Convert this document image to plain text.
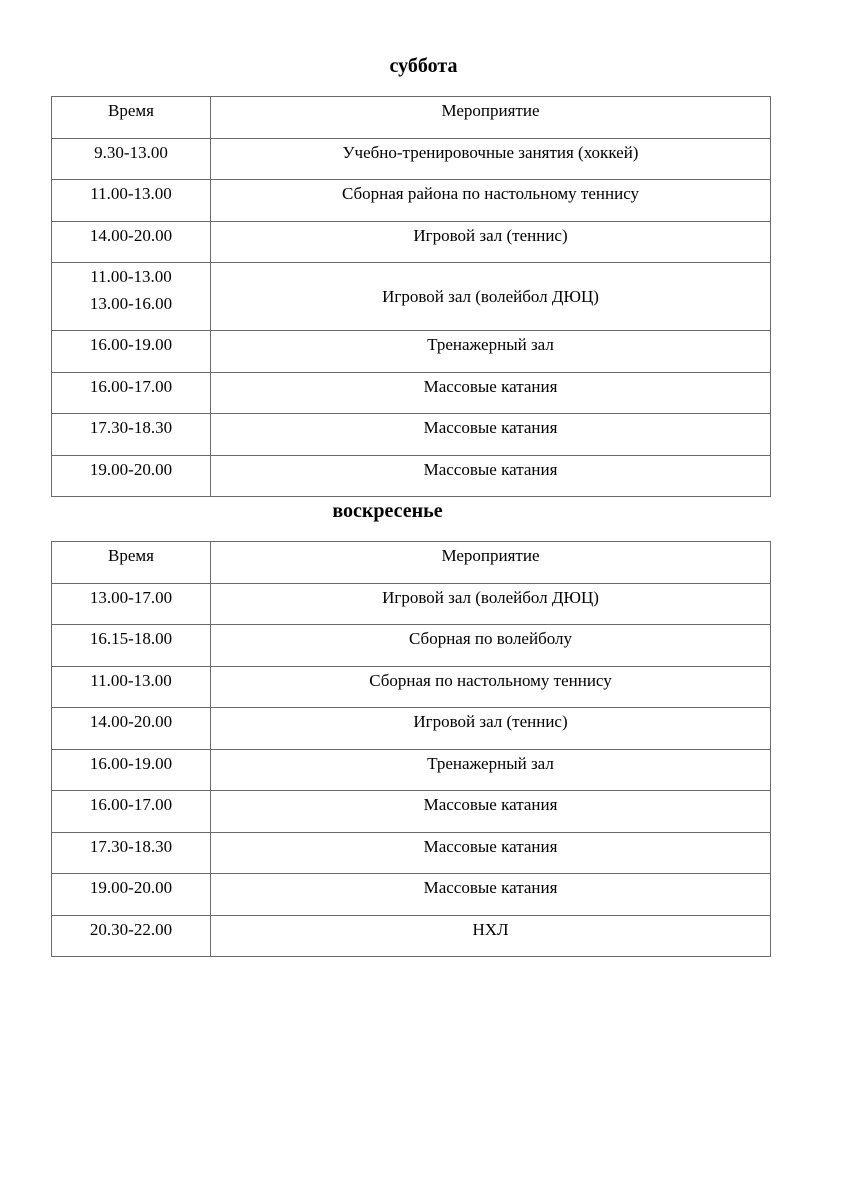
суббота
Время	Мероприятие
9.30-13.00	Учебно-тренировочные занятия (хоккей)
11.00-13.00	Сборная района по настольному теннису
14.00-20.00	Игровой зал (теннис)

11.00-13.00
13.00-16.00	Игровой зал (волейбол ДЮЦ)
16.00-19.00	Тренажерный зал
16.00-17.00	Массовые катания
17.30-18.30	Массовые катания
19.00-20.00	Массовые катания
воскресенье
Время	Мероприятие
13.00-17.00	Игровой зал (волейбол ДЮЦ)
16.15-18.00	Сборная по волейболу
11.00-13.00	Сборная по настольному теннису
14.00-20.00	Игровой зал (теннис)
16.00-19.00	Тренажерный зал
16.00-17.00	Массовые катания
17.30-18.30	Массовые катания
19.00-20.00	Массовые катания
20.30-22.00	НХЛ
